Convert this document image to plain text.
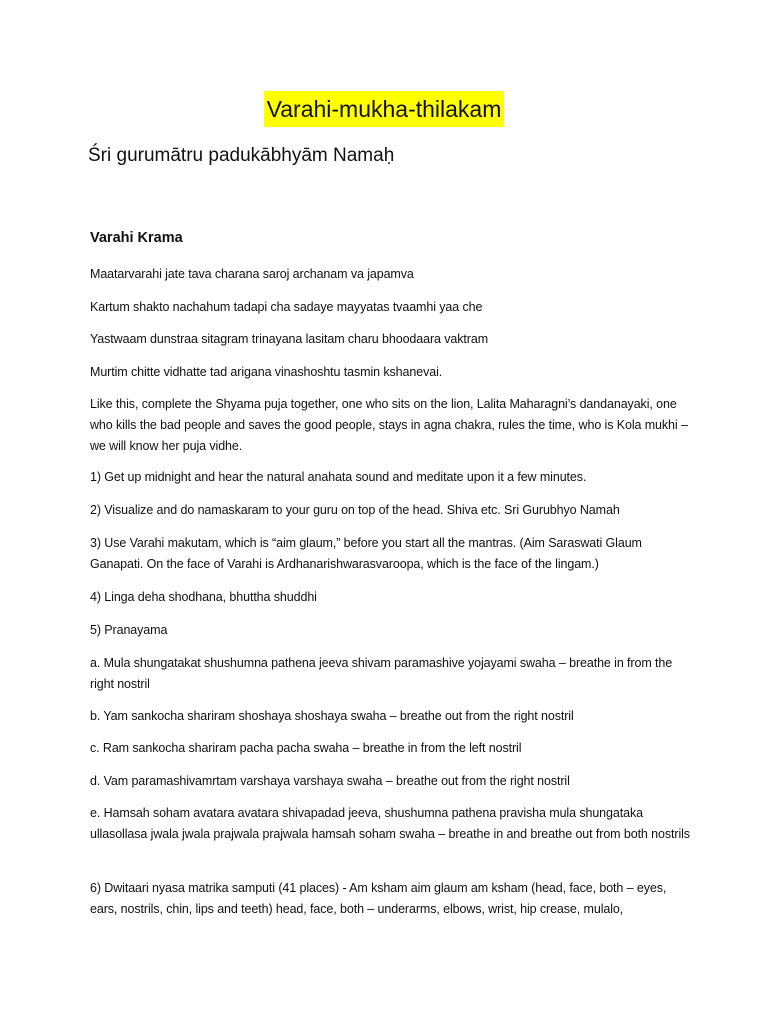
Varahi-mukha-thilakam
Śri gurumātru padukābhyām Namaḥ
Varahi Krama
Maatarvarahi jate tava charana saroj archanam va japamva
Kartum shakto nachahum tadapi cha sadaye mayyatas tvaamhi yaa che
Yastwaam dunstraa sitagram trinayana lasitam charu bhoodaara vaktram
Murtim chitte vidhatte tad arigana vinashoshtu tasmin kshanevai.
Like this, complete the Shyama puja together, one who sits on the lion, Lalita Maharagni’s dandanayaki, one who kills the bad people and saves the good people, stays in agna chakra, rules the time, who is Kola mukhi – we will know her puja vidhe.
1) Get up midnight and hear the natural anahata sound and meditate upon it a few minutes.
2) Visualize and do namaskaram to your guru on top of the head. Shiva etc. Sri Gurubhyo Namah
3) Use Varahi makutam, which is “aim glaum,” before you start all the mantras. (Aim Saraswati Glaum Ganapati. On the face of Varahi is Ardhanarishwarasvaroopa, which is the face of the lingam.)
4) Linga deha shodhana, bhuttha shuddhi
5) Pranayama
a. Mula shungatakat shushumna pathena jeeva shivam paramashive yojayami swaha – breathe in from the right nostril
b. Yam sankocha shariram shoshaya shoshaya swaha – breathe out from the right nostril
c. Ram sankocha shariram pacha pacha swaha – breathe in from the left nostril
d. Vam paramashivamrtam varshaya varshaya swaha – breathe out from the right nostril
e. Hamsah soham avatara avatara shivapadad jeeva, shushumna pathena pravisha mula shungataka ullasollasa jwala jwala prajwala prajwala hamsah soham swaha – breathe in and breathe out from both nostrils
6) Dwitaari nyasa matrika samputi (41 places) - Am ksham aim glaum am ksham (head, face, both – eyes, ears, nostrils, chin, lips and teeth) head, face, both – underarms, elbows, wrist, hip crease, mulalo,
